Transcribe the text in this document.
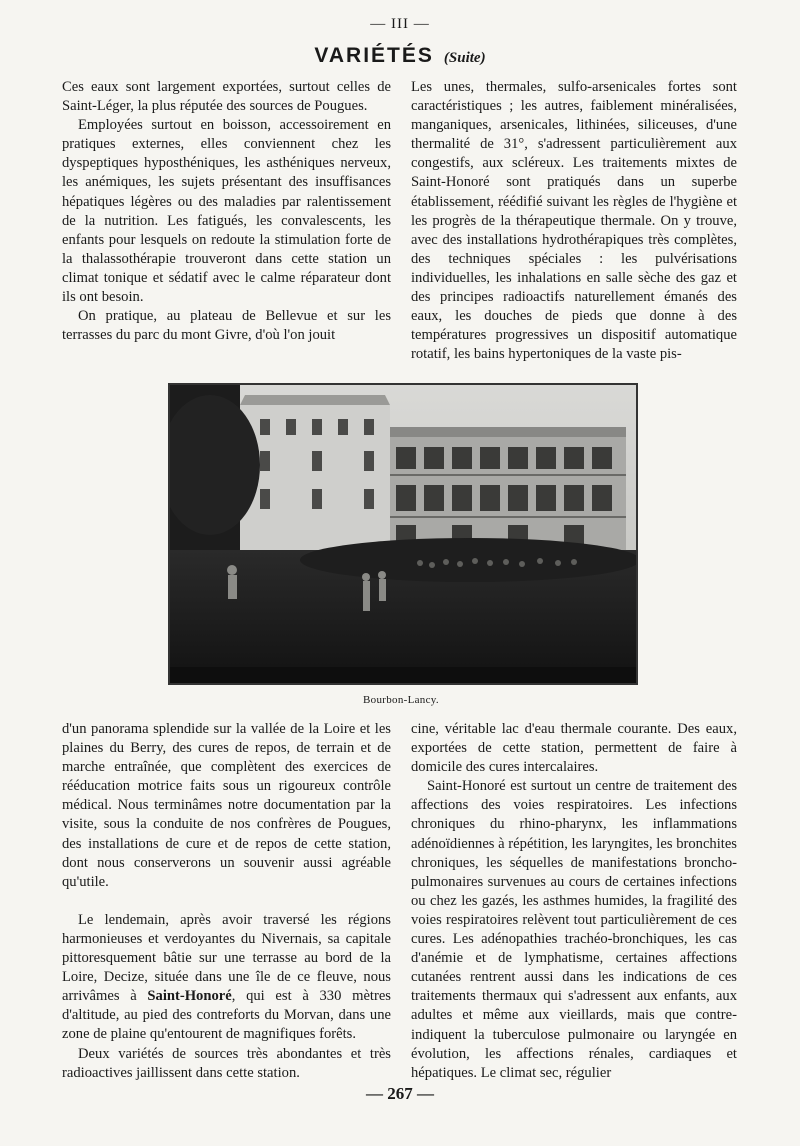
— III —
VARIÉTÉS (Suite)

Ces eaux sont largement exportées, surtout celles de Saint-Léger, la plus réputée des sources de Pougues.

Employées surtout en boisson, accessoirement en pratiques externes, elles conviennent chez les dyspeptiques hyposthéniques, les asthéniques nerveux, les anémiques, les sujets présentant des insuffisances hépatiques légères ou des maladies par ralentissement de la nutrition. Les fatigués, les convalescents, les enfants pour lesquels on redoute la stimulation forte de la thalassothérapie trouveront dans cette station un climat tonique et sédatif avec le calme réparateur dont ils ont besoin.

On pratique, au plateau de Bellevue et sur les terrasses du parc du mont Givre, d'où l'on jouit

Les unes, thermales, sulfo-arsenicales fortes sont caractéristiques ; les autres, faiblement minéralisées, manganiques, arsenicales, lithinées, siliceuses, d'une thermalité de 31°, s'adressent particulièrement aux congestifs, aux scléreux. Les traitements mixtes de Saint-Honoré sont pratiqués dans un superbe établissement, réédifié suivant les règles de l'hygiène et les progrès de la thérapeutique thermale. On y trouve, avec des installations hydrothérapiques très complètes, des techniques spéciales : les pulvérisations individuelles, les inhalations en salle sèche des gaz et des principes radioactifs naturellement émanés des eaux, les douches de pieds que donne à des températures progressives un dispositif automatique rotatif, les bains hypertoniques de la vaste pis-

Bourbon-Lancy.

d'un panorama splendide sur la vallée de la Loire et les plaines du Berry, des cures de repos, de terrain et de marche entraînée, que complètent des exercices de rééducation motrice faits sous un rigoureux contrôle médical. Nous terminâmes notre documentation par la visite, sous la conduite de nos confrères de Pougues, des installations de cure et de repos de cette station, dont nous conserverons un souvenir aussi agréable qu'utile.

Le lendemain, après avoir traversé les régions harmonieuses et verdoyantes du Nivernais, sa capitale pittoresquement bâtie sur une terrasse au bord de la Loire, Decize, située dans une île de ce fleuve, nous arrivâmes à Saint-Honoré, qui est à 330 mètres d'altitude, au pied des contreforts du Morvan, dans une zone de plaine qu'entourent de magnifiques forêts.

Deux variétés de sources très abondantes et très radioactives jaillissent dans cette station.

cine, véritable lac d'eau thermale courante. Des eaux, exportées de cette station, permettent de faire à domicile des cures intercalaires.

Saint-Honoré est surtout un centre de traitement des affections des voies respiratoires. Les infections chroniques du rhino-pharynx, les inflammations adénoïdiennes à répétition, les laryngites, les bronchites chroniques, les séquelles de manifestations broncho-pulmonaires survenues au cours de certaines infections ou chez les gazés, les asthmes humides, la fragilité des voies respiratoires relèvent tout particulièrement de ces cures. Les adénopathies trachéo-bronchiques, les cas d'anémie et de lymphatisme, certaines affections cutanées rentrent aussi dans les indications de ces traitements thermaux qui s'adressent aux enfants, aux adultes et même aux vieillards, mais que contre-indiquent la tuberculose pulmonaire ou laryngée en évolution, les affections rénales, cardiaques et hépatiques. Le climat sec, régulier

— 267 —
